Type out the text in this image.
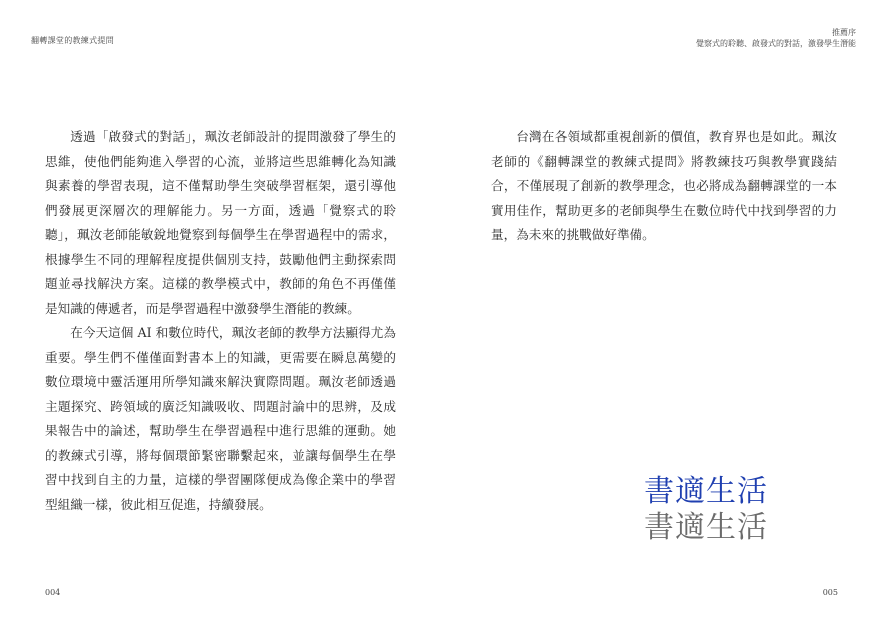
翻轉課堂的教練式提問

透過「啟發式的對話」，珮汝老師設計的提問激發了學生的思維，使他們能夠進入學習的心流，並將這些思維轉化為知識與素養的學習表現，這不僅幫助學生突破學習框架，還引導他們發展更深層次的理解能力。另一方面，透過「覺察式的聆聽」，珮汝老師能敏銳地覺察到每個學生在學習過程中的需求，根據學生不同的理解程度提供個別支持，鼓勵他們主動探索問題並尋找解決方案。這樣的教學模式中，教師的角色不再僅僅是知識的傳遞者，而是學習過程中激發學生潛能的教練。

在今天這個 AI 和數位時代，珮汝老師的教學方法顯得尤為重要。學生們不僅僅面對書本上的知識，更需要在瞬息萬變的數位環境中靈活運用所學知識來解決實際問題。珮汝老師透過主題探究、跨領域的廣泛知識吸收、問題討論中的思辨，及成果報告中的論述，幫助學生在學習過程中進行思維的運動。她的教練式引導，將每個環節緊密聯繫起來，並讓每個學生在學習中找到自主的力量，這樣的學習團隊便成為像企業中的學習型組織一樣，彼此相互促進，持續發展。

004
推薦序
覺察式的聆聽、啟發式的對話，激發學生潛能

台灣在各領域都重視創新的價值，教育界也是如此。珮汝老師的《翻轉課堂的教練式提問》將教練技巧與教學實踐結合，不僅展現了創新的教學理念，也必將成為翻轉課堂的一本實用佳作，幫助更多的老師與學生在數位時代中找到學習的力量，為未來的挑戰做好準備。

書適生活
書適生活
005
